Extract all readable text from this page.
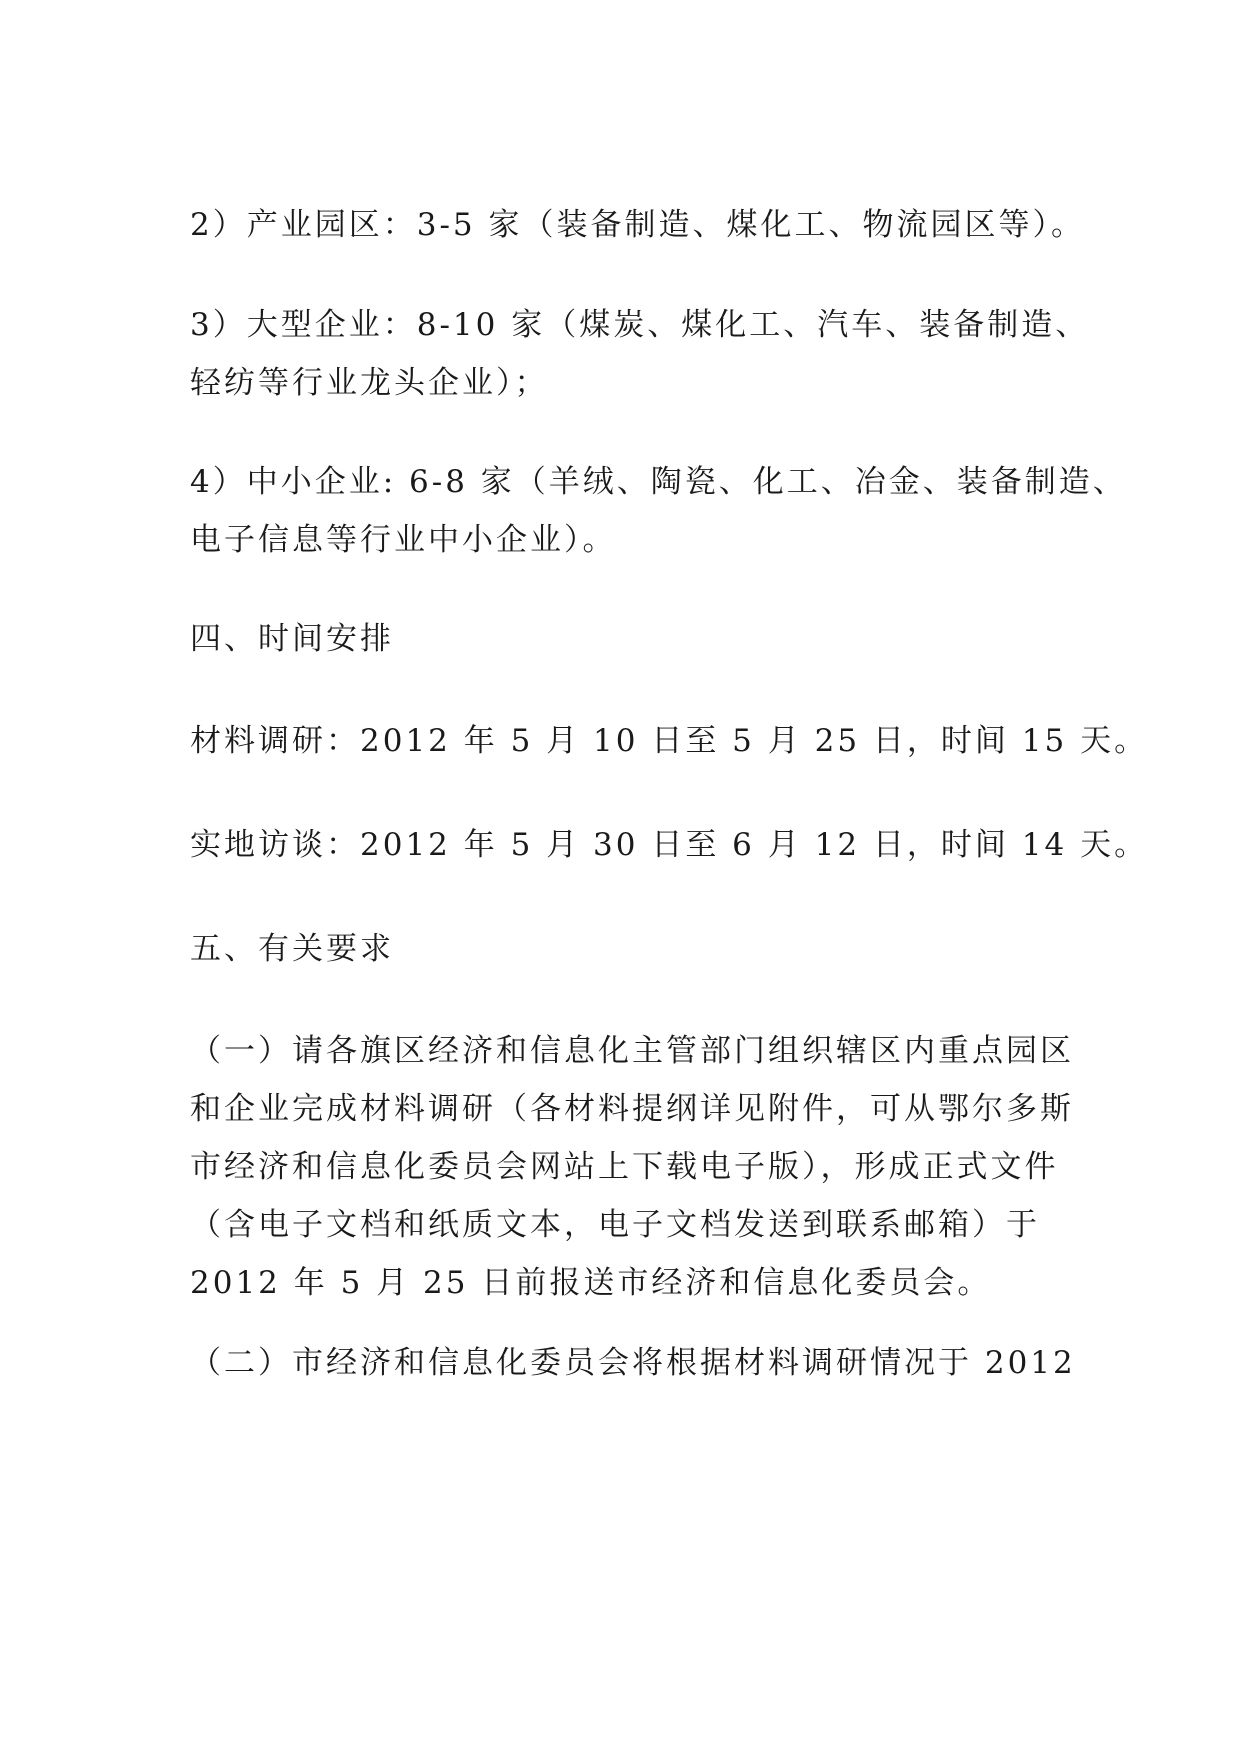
2）产业园区：3-5 家（装备制造、煤化工、物流园区等）。

3）大型企业：8-10 家（煤炭、煤化工、汽车、装备制造、
轻纺等行业龙头企业）；

4）中小企业: 6-8 家（羊绒、陶瓷、化工、冶金、装备制造、
电子信息等行业中小企业）。

四、时间安排

材料调研：2012 年 5 月 10 日至 5 月 25 日，时间 15 天。

实地访谈：2012 年 5 月 30 日至 6 月 12 日，时间 14 天。

五、有关要求

（一）请各旗区经济和信息化主管部门组织辖区内重点园区
和企业完成材料调研（各材料提纲详见附件，可从鄂尔多斯
市经济和信息化委员会网站上下载电子版），形成正式文件
（含电子文档和纸质文本，电子文档发送到联系邮箱）于
2012 年 5 月 25 日前报送市经济和信息化委员会。

（二）市经济和信息化委员会将根据材料调研情况于 2012
